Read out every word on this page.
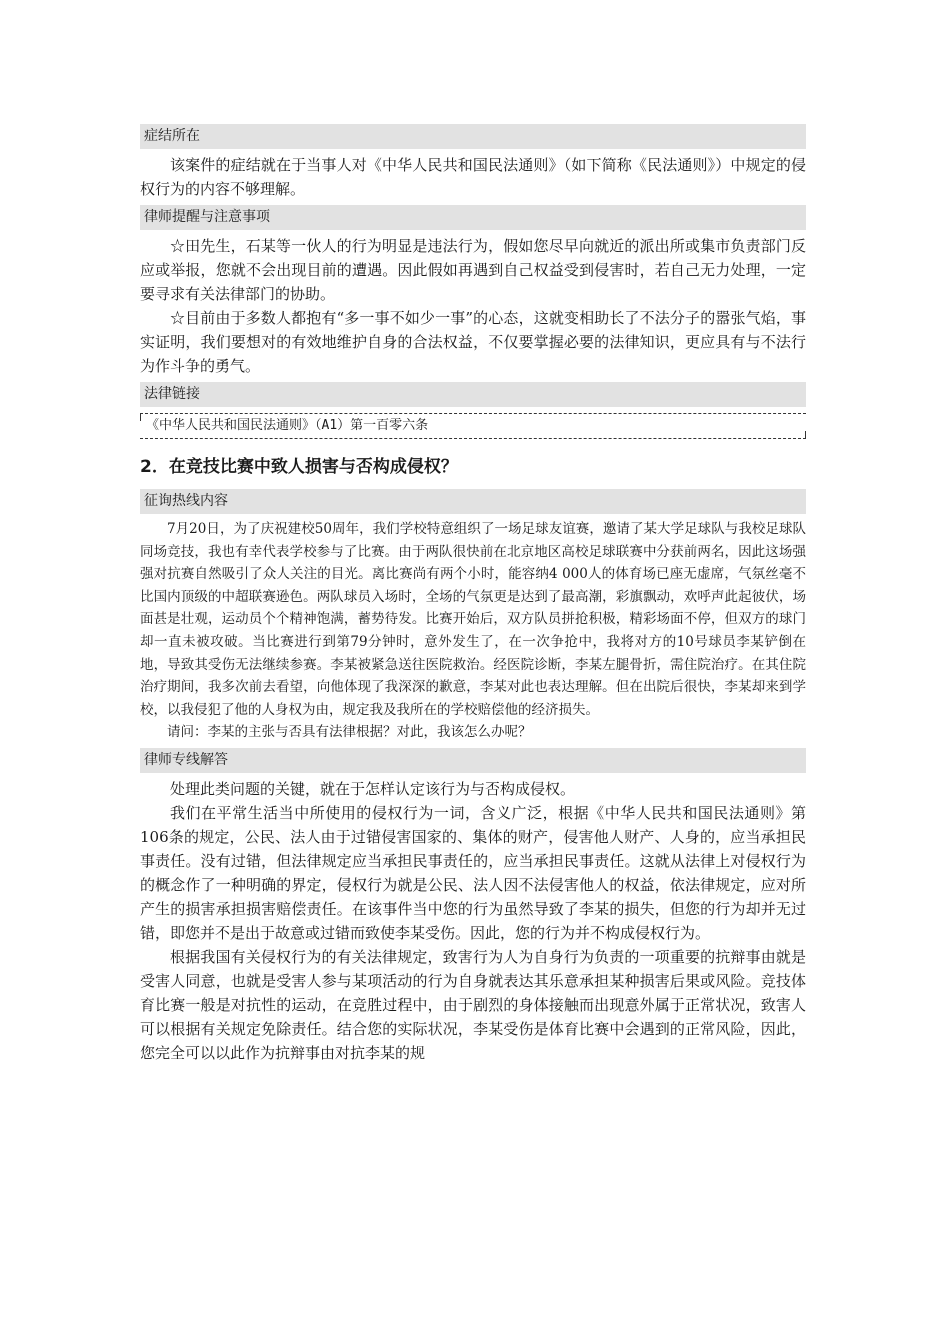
症结所在

该案件的症结就在于当事人对《中华人民共和国民法通则》（如下简称《民法通则》）中规定的侵权行为的内容不够理解。

律师提醒与注意事项

☆田先生，石某等一伙人的行为明显是违法行为，假如您尽早向就近的派出所或集市负责部门反应或举报，您就不会出现目前的遭遇。因此假如再遇到自己权益受到侵害时，若自己无力处理，一定要寻求有关法律部门的协助。

☆目前由于多数人都抱有“多一事不如少一事”的心态，这就变相助长了不法分子的嚣张气焰，事实证明，我们要想对的有效地维护自身的合法权益，不仅要掌握必要的法律知识，更应具有与不法行为作斗争的勇气。

法律链接
《中华人民共和国民法通则》（A1）第一百零六条
2．在竞技比赛中致人损害与否构成侵权？
征询热线内容

7月20日，为了庆祝建校50周年，我们学校特意组织了一场足球友谊赛，邀请了某大学足球队与我校足球队同场竞技，我也有幸代表学校参与了比赛。由于两队很快前在北京地区高校足球联赛中分获前两名，因此这场强强对抗赛自然吸引了众人关注的目光。离比赛尚有两个小时，能容纳4 000人的体育场已座无虚席，气氛丝毫不比国内顶级的中超联赛逊色。两队球员入场时，全场的气氛更是达到了最高潮，彩旗飘动，欢呼声此起彼伏，场面甚是壮观，运动员个个精神饱满，蓄势待发。比赛开始后，双方队员拼抢积极，精彩场面不停，但双方的球门却一直未被攻破。当比赛进行到第79分钟时，意外发生了，在一次争抢中，我将对方的10号球员李某铲倒在地，导致其受伤无法继续参赛。李某被紧急送往医院救治。经医院诊断，李某左腿骨折，需住院治疗。在其住院治疗期间，我多次前去看望，向他体现了我深深的歉意，李某对此也表达理解。但在出院后很快，李某却来到学校，以我侵犯了他的人身权为由，规定我及我所在的学校赔偿他的经济损失。

请问：李某的主张与否具有法律根据？对此，我该怎么办呢？

律师专线解答

处理此类问题的关键，就在于怎样认定该行为与否构成侵权。

我们在平常生活当中所使用的侵权行为一词，含义广泛，根据《中华人民共和国民法通则》第106条的规定，公民、法人由于过错侵害国家的、集体的财产，侵害他人财产、人身的，应当承担民事责任。没有过错，但法律规定应当承担民事责任的，应当承担民事责任。这就从法律上对侵权行为的概念作了一种明确的界定，侵权行为就是公民、法人因不法侵害他人的权益，依法律规定，应对所产生的损害承担损害赔偿责任。在该事件当中您的行为虽然导致了李某的损失，但您的行为却并无过错，即您并不是出于故意或过错而致使李某受伤。因此，您的行为并不构成侵权行为。

根据我国有关侵权行为的有关法律规定，致害行为人为自身行为负责的一项重要的抗辩事由就是受害人同意，也就是受害人参与某项活动的行为自身就表达其乐意承担某种损害后果或风险。竞技体育比赛一般是对抗性的运动，在竞胜过程中，由于剧烈的身体接触而出现意外属于正常状况，致害人可以根据有关规定免除责任。结合您的实际状况，李某受伤是体育比赛中会遇到的正常风险，因此，您完全可以以此作为抗辩事由对抗李某的规
